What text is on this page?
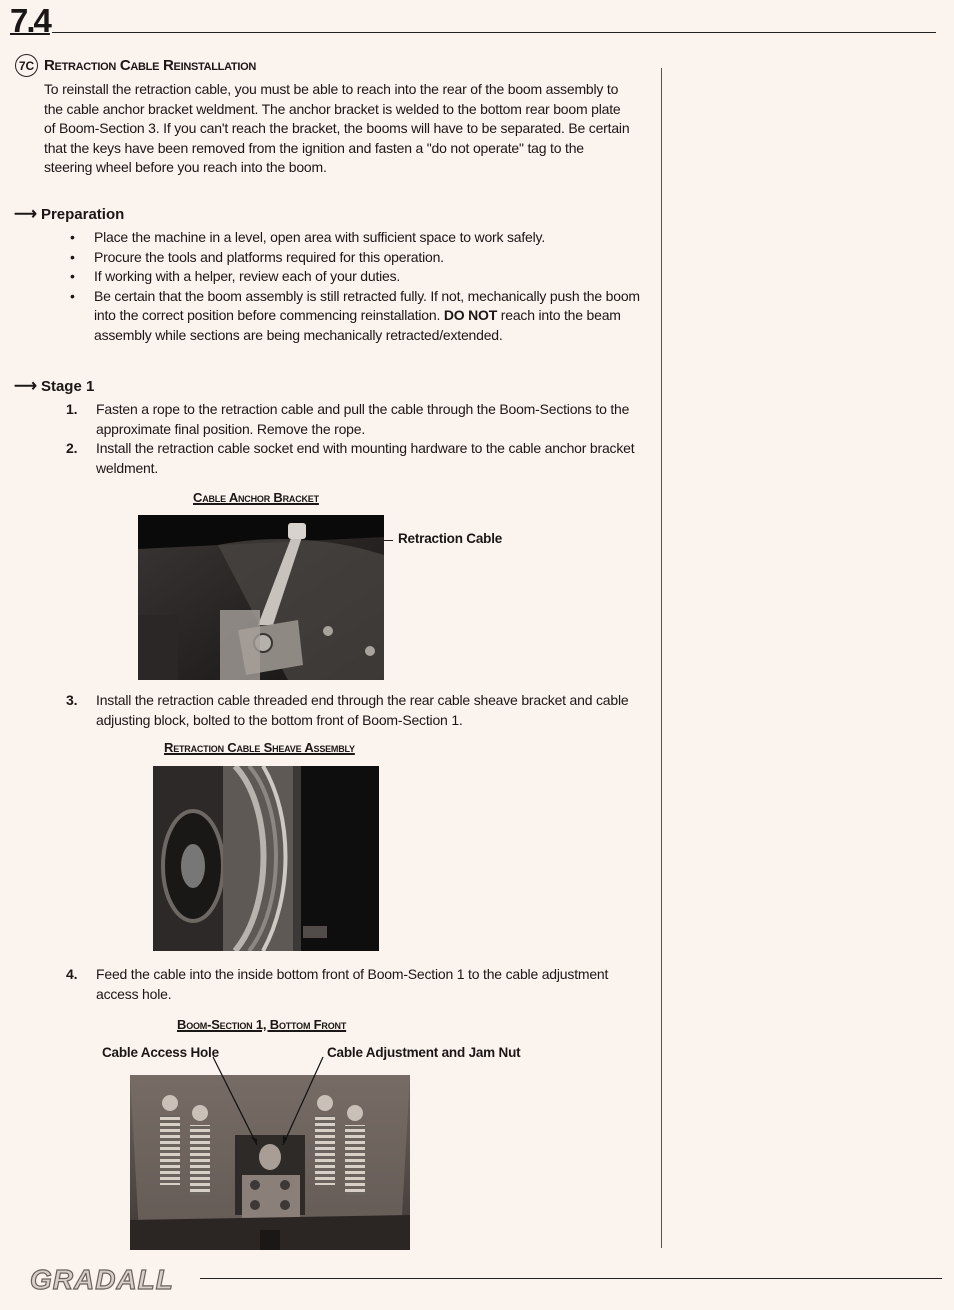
7.4
7C Retraction Cable Reinstallation
To reinstall the retraction cable, you must be able to reach into the rear of the boom assembly to the cable anchor bracket weldment. The anchor bracket is welded to the bottom rear boom plate of Boom-Section 3. If you can't reach the bracket, the booms will have to be separated. Be certain that the keys have been removed from the ignition and fasten a "do not operate" tag to the steering wheel before you reach into the boom.
⟶ Preparation
• Place the machine in a level, open area with sufficient space to work safely.
• Procure the tools and platforms required for this operation.
• If working with a helper, review each of your duties.
• Be certain that the boom assembly is still retracted fully. If not, mechanically push the boom into the correct position before commencing reinstallation. DO NOT reach into the beam assembly while sections are being mechanically retracted/extended.
⟶ Stage 1
1.	Fasten a rope to the retraction cable and pull the cable through the Boom-Sections to the approximate final position. Remove the rope.
2.	Install the retraction cable socket end with mounting hardware to the cable anchor bracket weldment.
Cable Anchor Bracket
Retraction Cable
3.	Install the retraction cable threaded end through the rear cable sheave bracket and cable adjusting block, bolted to the bottom front of Boom-Section 1.
Retraction Cable Sheave Assembly
4.	Feed the cable into the inside bottom front of Boom-Section 1 to the cable adjustment access hole.
Boom-Section 1, Bottom Front
Cable Access Hole	Cable Adjustment and Jam Nut
GRADALL
